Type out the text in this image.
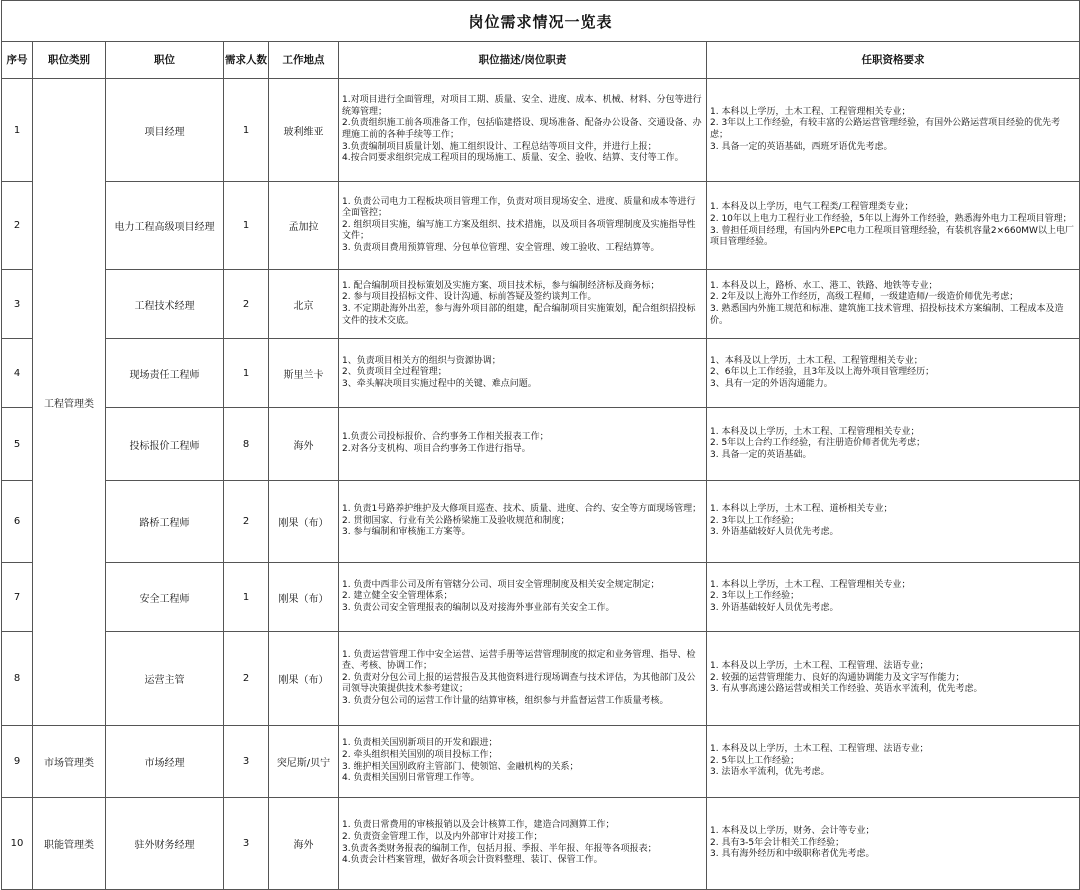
岗位需求情况一览表						
序号	职位类别	职位	需求人数	工作地点	职位描述/岗位职责	任职资格要求
1	工程管理类	项目经理	1	玻利维亚	1.对项目进行全面管理，对项目工期、质量、安全、进度、成本、机械、材料、分包等进行统筹管理；
2.负责组织施工前各项准备工作，包括临建搭设、现场准备、配备办公设备、交通设备、办理施工前的各种手续等工作；
3.负责编制项目质量计划、施工组织设计、工程总结等项目文件，并进行上报；
4.按合同要求组织完成工程项目的现场施工、质量、安全、验收、结算、支付等工作。	1. 本科以上学历，土木工程、工程管理相关专业；
2. 3年以上工作经验，有较丰富的公路运营管理经验，有国外公路运营项目经验的优先考虑；
3. 具备一定的英语基础，西班牙语优先考虑。
2		电力工程高级项目经理	1	孟加拉	1. 负责公司电力工程板块项目管理工作，负责对项目现场安全、进度、质量和成本等进行全面管控；
2. 组织项目实施，编写施工方案及组织、技术措施，以及项目各项管理制度及实施指导性文件；
3. 负责项目费用预算管理、分包单位管理、安全管理、竣工验收、工程结算等。	1. 本科及以上学历，电气工程类/工程管理类专业；
2. 10年以上电力工程行业工作经验，5年以上海外工作经验，熟悉海外电力工程项目管理；
3. 曾担任项目经理，有国内外EPC电力工程项目管理经验，有装机容量2×660MW以上电厂项目管理经验。
3		工程技术经理	2	北京	1. 配合编制项目投标策划及实施方案、项目技术标，参与编制经济标及商务标；
2. 参与项目投招标文件、设计沟通、标前答疑及签约谈判工作。
3. 不定期赴海外出差，参与海外项目部的组建，配合编制项目实施策划，配合组织招投标文件的技术交底。	1. 本科及以上，路桥、水工、港工、铁路、地铁等专业；
2. 2年及以上海外工作经历，高级工程师，一级建造师/一级造价师优先考虑；
3. 熟悉国内外施工规范和标准、建筑施工技术管理、招投标技术方案编制、工程成本及造价。
4		现场责任工程师	1	斯里兰卡	1、负责项目相关方的组织与资源协调；
2、负责项目全过程管理；
3、牵头解决项目实施过程中的关键、难点问题。	1、本科及以上学历，土木工程、工程管理相关专业；
2、6年以上工作经验，且3年及以上海外项目管理经历；
3、具有一定的外语沟通能力。
5		投标报价工程师	8	海外	1.负责公司投标报价、合约事务工作相关报表工作；
2.对各分支机构、项目合约事务工作进行指导。	1. 本科及以上学历，土木工程、工程管理相关专业；
2. 5年以上合约工作经验，有注册造价师者优先考虑；
3. 具备一定的英语基础。
6		路桥工程师	2	刚果（布）	1. 负责1号路养护维护及大修项目巡查、技术、质量、进度、合约、安全等方面现场管理；
2. 贯彻国家、行业有关公路桥梁施工及验收规范和制度；
3. 参与编制和审核施工方案等。	1. 本科以上学历，土木工程、道桥相关专业；
2. 3年以上工作经验；
3. 外语基础较好人员优先考虑。
7		安全工程师	1	刚果（布）	1. 负责中西非公司及所有管辖分公司、项目安全管理制度及相关安全规定制定；
2. 建立健全安全管理体系；
3. 负责公司安全管理报表的编制以及对接海外事业部有关安全工作。	1. 本科以上学历，土木工程、工程管理相关专业；
2. 3年以上工作经验；
3. 外语基础较好人员优先考虑。
8		运营主管	2	刚果（布）	1. 负责运营管理工作中安全运营、运营手册等运营管理制度的拟定和业务管理、指导、检查、考核、协调工作；
2. 负责对分包公司上报的运营报告及其他资料进行现场调查与技术评估，为其他部门及公司领导决策提供技术参考建议；
3. 负责分包公司的运营工作计量的结算审核，组织参与并监督运营工作质量考核。	1. 本科及以上学历，土木工程、工程管理、法语专业；
2. 较强的运营管理能力、良好的沟通协调能力及文字写作能力；
3. 有从事高速公路运营或相关工作经验、英语水平流利，优先考虑。
9	市场管理类	市场经理	3	突尼斯/贝宁	1. 负责相关国别新项目的开发和跟进；
2. 牵头组织相关国别的项目投标工作；
3. 维护相关国别政府主管部门、使领馆、金融机构的关系；
4. 负责相关国别日常管理工作等。	1. 本科及以上学历，土木工程、工程管理、法语专业；
2. 5年以上工作经验；
3. 法语水平流利，优先考虑。
10	职能管理类	驻外财务经理	3	海外	1. 负责日常费用的审核报销以及会计核算工作，建造合同测算工作；
2. 负责资金管理工作，以及内外部审计对接工作；
3.负责各类财务报表的编制工作，包括月报、季报、半年报、年报等各项报表；
4.负责会计档案管理，做好各项会计资料整理、装订、保管工作。	1. 本科及以上学历，财务、会计等专业；
2. 具有3-5年会计相关工作经验；
3. 具有海外经历和中级职称者优先考虑。
